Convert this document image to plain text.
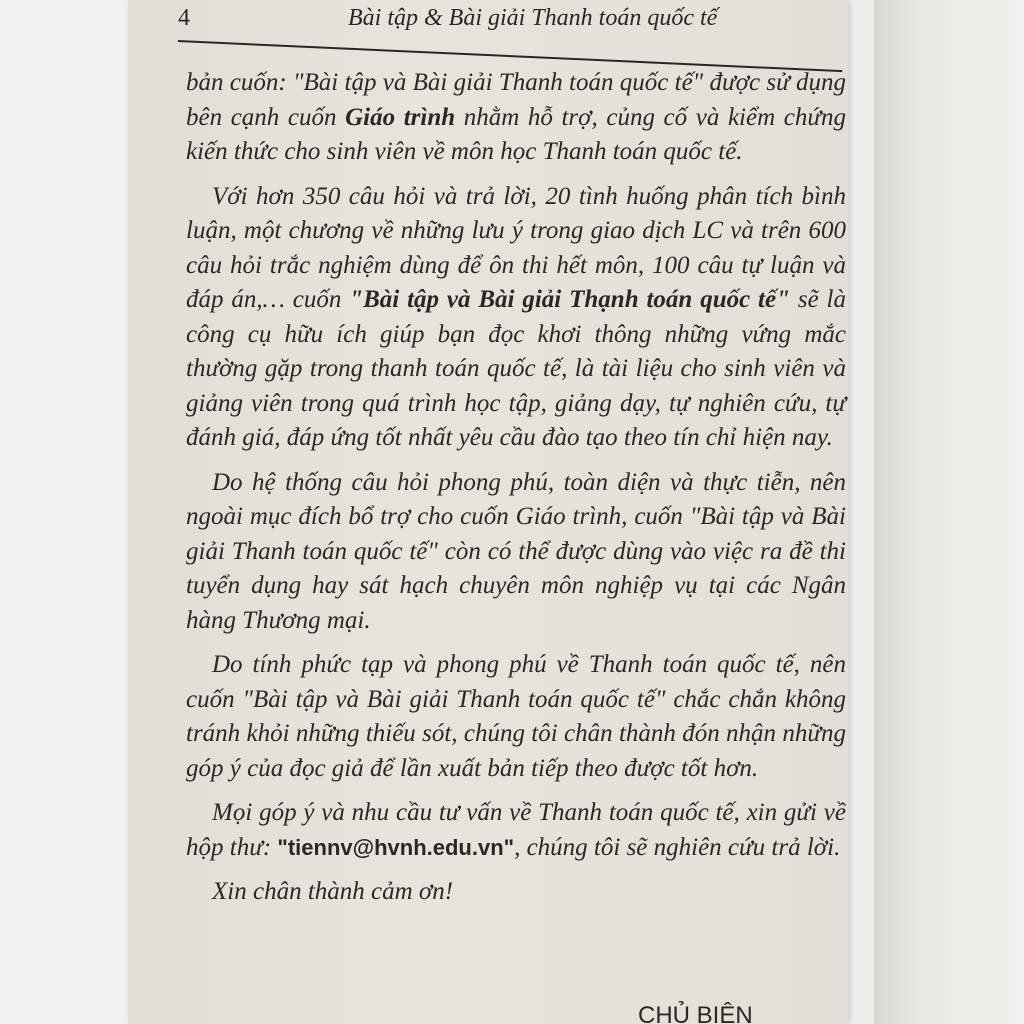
4	Bài tập & Bài giải Thanh toán quốc tế

bản cuốn: "Bài tập và Bài giải Thanh toán quốc tế" được sử dụng bên cạnh cuốn Giáo trình nhằm hỗ trợ, củng cố và kiểm chứng kiến thức cho sinh viên về môn học Thanh toán quốc tế.

Với hơn 350 câu hỏi và trả lời, 20 tình huống phân tích bình luận, một chương về những lưu ý trong giao dịch LC và trên 600 câu hỏi trắc nghiệm dùng để ôn thi hết môn, 100 câu tự luận và đáp án,… cuốn "Bài tập và Bài giải Thạnh toán quốc tế" sẽ là công cụ hữu ích giúp bạn đọc khơi thông những vứng mắc thường gặp trong thanh toán quốc tế, là tài liệu cho sinh viên và giảng viên trong quá trình học tập, giảng dạy, tự nghiên cứu, tự đánh giá, đáp ứng tốt nhất yêu cầu đào tạo theo tín chỉ hiện nay.

Do hệ thống câu hỏi phong phú, toàn diện và thực tiễn, nên ngoài mục đích bổ trợ cho cuốn Giáo trình, cuốn "Bài tập và Bài giải Thanh toán quốc tế" còn có thể được dùng vào việc ra đề thi tuyển dụng hay sát hạch chuyên môn nghiệp vụ tại các Ngân hàng Thương mại.

Do tính phức tạp và phong phú về Thanh toán quốc tế, nên cuốn "Bài tập và Bài giải Thanh toán quốc tế" chắc chắn không tránh khỏi những thiếu sót, chúng tôi chân thành đón nhận những góp ý của đọc giả để lần xuất bản tiếp theo được tốt hơn.

Mọi góp ý và nhu cầu tư vấn về Thanh toán quốc tế, xin gửi về hộp thư: "tiennv@hvnh.edu.vn", chúng tôi sẽ nghiên cứu trả lời.

Xin chân thành cảm ơn!

CHỦ BIÊN
